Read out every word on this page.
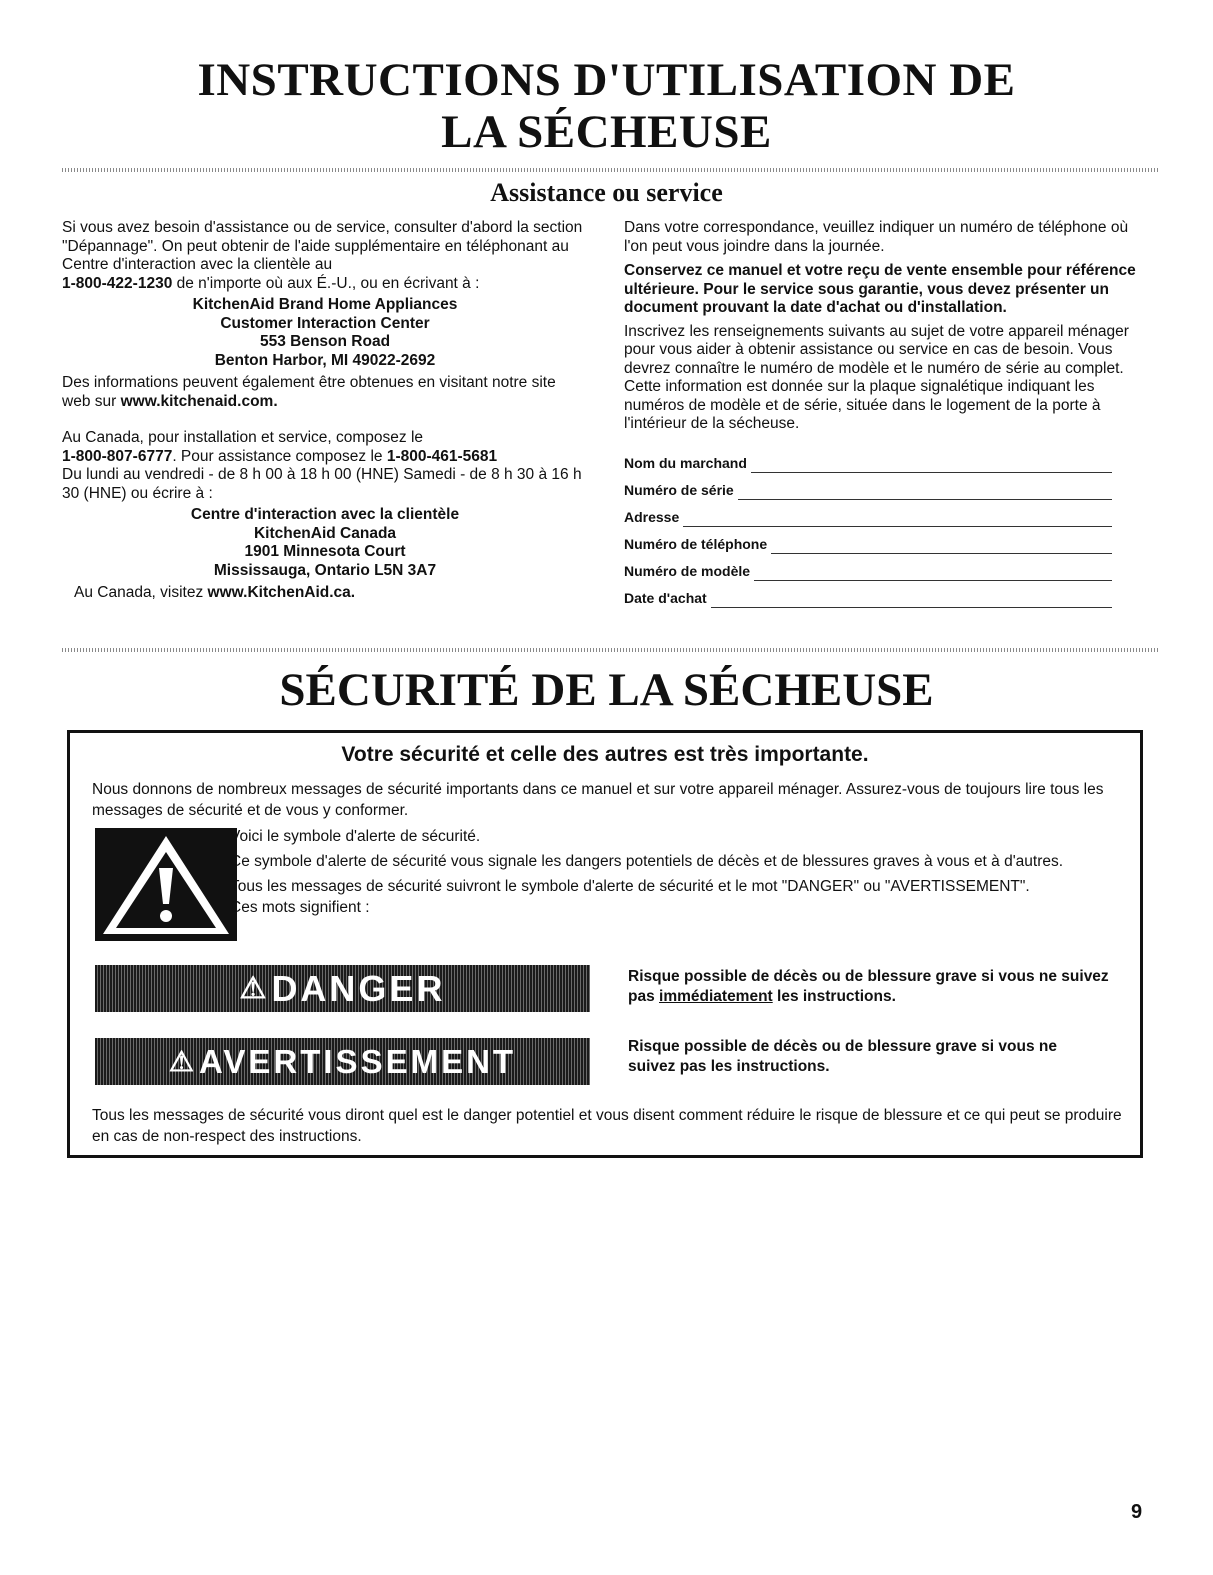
INSTRUCTIONS D'UTILISATION DE
LA SÉCHEUSE
Assistance ou service

Si vous avez besoin d'assistance ou de service, consulter d'abord la section "Dépannage". On peut obtenir de l'aide supplémentaire en téléphonant au Centre d'interaction avec la clientèle au
1-800-422-1230 de n'importe où aux É.-U., ou en écrivant à :

KitchenAid Brand Home Appliances
Customer Interaction Center
553 Benson Road
Benton Harbor, MI 49022-2692

Des informations peuvent également être obtenues en visitant notre site web sur www.kitchenaid.com.

Au Canada, pour installation et service, composez le
1-800-807-6777. Pour assistance composez le 1-800-461-5681
Du lundi au vendredi - de 8 h 00 à 18 h 00 (HNE) Samedi - de 8 h 30 à 16 h 30 (HNE) ou écrire à :

Centre d'interaction avec la clientèle
KitchenAid Canada
1901 Minnesota Court
Mississauga, Ontario L5N 3A7

Au Canada, visitez www.KitchenAid.ca.

Dans votre correspondance, veuillez indiquer un numéro de téléphone où l'on peut vous joindre dans la journée.

Conservez ce manuel et votre reçu de vente ensemble pour référence ultérieure. Pour le service sous garantie, vous devez présenter un document prouvant la date d'achat ou d'installation.

Inscrivez les renseignements suivants au sujet de votre appareil ménager pour vous aider à obtenir assistance ou service en cas de besoin. Vous devrez connaître le numéro de modèle et le numéro de série au complet. Cette information est donnée sur la plaque signalétique indiquant les numéros de modèle et de série, située dans le logement de la porte à l'intérieur de la sécheuse.

Nom du marchand
Numéro de série
Adresse
Numéro de téléphone
Numéro de modèle
Date d'achat
SÉCURITÉ DE LA SÉCHEUSE
Votre sécurité et celle des autres est très importante.
Nous donnons de nombreux messages de sécurité importants dans ce manuel et sur votre appareil ménager. Assurez-vous de toujours lire tous les messages de sécurité et de vous y conformer.

Voici le symbole d'alerte de sécurité.

Ce symbole d'alerte de sécurité vous signale les dangers potentiels de décès et de blessures graves à vous et à d'autres.

Tous les messages de sécurité suivront le symbole d'alerte de sécurité et le mot "DANGER" ou "AVERTISSEMENT". Ces mots signifient :

⚠ DANGER	Risque possible de décès ou de blessure grave si vous ne suivez pas immédiatement les instructions.
⚠ AVERTISSEMENT	Risque possible de décès ou de blessure grave si vous ne suivez pas les instructions.
Tous les messages de sécurité vous diront quel est le danger potentiel et vous disent comment réduire le risque de blessure et ce qui peut se produire en cas de non-respect des instructions.
9
